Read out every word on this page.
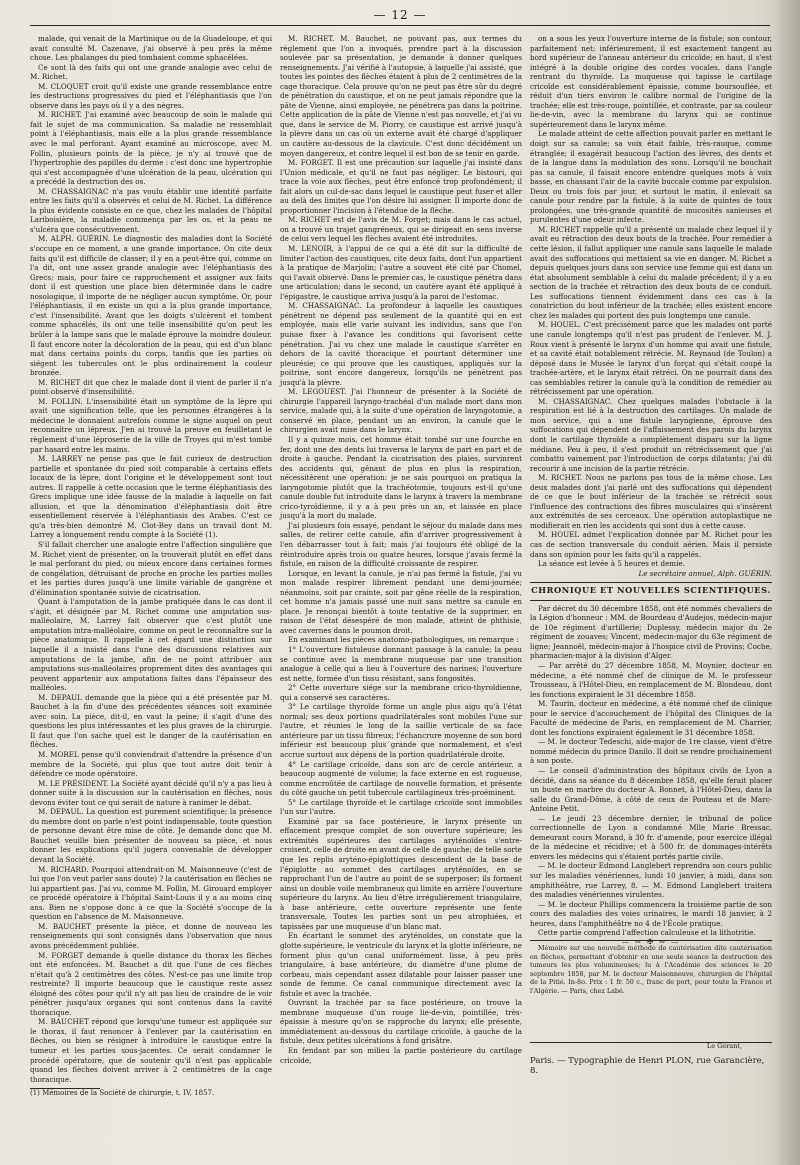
— 12 —

malade, qui venait de la Martinique ou de la Guadeloupe, et qui avait consulté M. Cazenave, j'ai observé à peu près la même chose. Les phalanges du pied tombaient comme sphacélées.

Ce sont là des faits qui ont une grande analogie avec celui de M. Richet.

M. CLOQUET croit qu'il existe une grande ressemblance entre les destructions progressives du pied et l'éléphantiasis que l'on observe dans les pays où il y a des nègres.

M. RICHET. J'ai examiné avec beaucoup de soin le malade qui fait le sujet de ma communication. Sa maladie ne ressemblait point à l'éléphantiasis, mais elle a la plus grande ressemblance avec le mal perforant. Ayant examiné au microscope, avec M. Follin, plusieurs points de la pièce, je n'y ai trouvé que de l'hypertrophie des papilles du derme : c'est donc une hypertrophie qui s'est accompagnée d'une ulcération de la peau, ulcération qui a précédé la destruction des os.

M. CHASSAIGNAC n'a pas voulu établir une identité parfaite entre les faits qu'il a observés et celui de M. Richet. La différence la plus évidente consiste en ce que, chez les malades de l'hôpital Lariboisière, la maladie commença par les os, et la peau ne s'ulcéra que consécutivement.

M. ALPH. GUÉRIN. Le diagnostic des maladies dont la Société s'occupe en ce moment, a une grande importance. On cite deux faits qu'il est difficile de classer; il y en a peut-être qui, comme on l'a dit, ont une assez grande analogie avec l'éléphantiasis des Grecs; mais, pour faire ce rapprochement et assigner aux faits dont il est question une place bien déterminée dans le cadre nosologique, il importe de ne négliger aucun symptôme. Or, pour l'éléphantiasis, il en existe un qui a la plus grande importance, c'est l'insensibilité. Avant que les doigts s'ulcèrent et tombent comme sphacélés, ils ont une telle insensibilité qu'on peut les brûler à la lampe sans que le malade éprouve la moindre douleur. Il faut encore noter la décoloration de la peau, qui est d'un blanc mat dans certains points du corps, tandis que les parties où siégent les tubercules ont le plus ordinairement la couleur bronzée.

M. RICHET dit que chez le malade dont il vient de parler il n'a point observé d'insensibilité.

M. FOLLIN. L'insensibilité était un symptôme de la lèpre qui avait une signification telle, que les personnes étrangères à la médecine le donnaient autrefois comme le signe auquel on peut reconnaître un lépreux. J'en ai trouvé la preuve en feuilletant le règlement d'une léproserie de la ville de Troyes qui m'est tombé par hasard entre les mains.

M. LARREY ne pense pas que le fait curieux de destruction partielle et spontanée du pied soit comparable à certains effets locaux de la lèpre, dont l'origine et le développement sont tout autres. Il rappelle à cette occasion que le terme éléphantiasis des Grecs implique une idée fausse de la maladie à laquelle on fait allusion, et que la dénomination d'éléphantiasis doit être essentiellement réservée à l'éléphantiasis des Arabes. C'est ce qu'a très-bien démontré M. Clot-Bey dans un travail dont M. Larrey a longuement rendu compte à la Société (1).

S'il fallait chercher une analogie entre l'affection singulière que M. Richet vient de présenter, on la trouverait plutôt en effet dans le mal perforant du pied, ou mieux encore dans certaines formes de congélation, détruisant de proche en proche les parties molles et les parties dures jusqu'à une limite variable de gangrène et d'élimination spontanée suivie de cicatrisation.

Quant à l'amputation de la jambe pratiquée dans le cas dont il s'agit, et désignée par M. Richet comme une amputation sus-malléolaire, M. Larrey fait observer que c'est plutôt une amputation intra-malléolaire, comme on peut le reconnaître sur la pièce anatomique. Il rappelle à cet égard une distinction sur laquelle il a insisté dans l'une des discussions relatives aux amputations de la jambe, afin de ne point attribuer aux amputations sus-malléolaires proprement dites des avantages qui peuvent appartenir aux amputations faites dans l'épaisseur des malléoles.

M. DEPAUL demande que la pièce qui a été présentée par M. Bauchet à la fin d'une des précédentes séances soit examinée avec soin. La pièce, dit-il, en vaut la peine; il s'agit d'une des questions les plus intéressantes et les plus graves de la chirurgie. Il faut que l'on sache quel est le danger de la cautérisation en flèches.

M. MOREL pense qu'il conviendrait d'attendre la présence d'un membre de la Société, qui plus que tout autre doit tenir à défendre ce mode opératoire.

M. LE PRÉSIDENT. La Société ayant décidé qu'il n'y a pas lieu à donner suite à la discussion sur la cautérisation en flèches, nous devons éviter tout ce qui serait de nature à ranimer le débat.

M. DEPAUL. La question est purement scientifique; la présence du membre dont on parle n'est point indispensable, toute question de personne devant être mise de côté. Je demande donc que M. Bauchet veuille bien présenter de nouveau sa pièce, et nous donner les explications qu'il jugera convenable de développer devant la Société.

M. RICHARD. Pourquoi attendrait-on M. Maisonneuve (c'est de lui que l'on veut parler sans doute) ? la cautérisation en flèches ne lui appartient pas. J'ai vu, comme M. Follin, M. Girouard employer ce procédé opératoire à l'hôpital Saint-Louis il y a au moins cinq ans. Bien ne s'oppose donc à ce que la Société s'occupe de la question en l'absence de M. Maisonneuve.

M. BAUCHET présente la pièce, et donne de nouveau les renseignements qui sont consignés dans l'observation que nous avons précédemment publiée.

M. FORGET demande à quelle distance du thorax les flèches ont été enfoncées. M. Bauchet a dit que l'une de ces flèches n'était qu'à 2 centimètres des côtes. N'est-ce pas une limite trop restreinte? Il importe beaucoup que le caustique reste assez éloigné des côtes pour qu'il n'y ait pas lieu de craindre de le voir pénétrer jusqu'aux organes qui sont contenus dans la cavité thoracique.

M. BAUCHET répond que lorsqu'une tumeur est appliquée sur le thorax, il faut renoncer à l'enlever par la cautérisation en flèches, ou bien se résigner à introduire le caustique entre la tumeur et les parties sous-jacentes. Ce serait condamner le procédé opératoire, que de soutenir qu'il n'est pas applicable quand les flèches doivent arriver à 2 centimètres de la cage thoracique.

(1) Mémoires de la Société de chirurgie, t. IV, 1857.

M. RICHET. M. Bauchet, ne pouvant pas, aux termes du règlement que l'on a invoqués, prendre part à la discussion soulevée par sa présentation, je demande à donner quelques renseignements. J'ai vérifié à l'autopsie, à laquelle j'ai assisté, que toutes les pointes des flèches étaient à plus de 2 centimètres de la cage thoracique. Cela prouve qu'on ne peut pas être sûr du degré de pénétration du caustique, et on ne peut jamais répondre que la pâte de Vienne, ainsi employée, ne pénétrera pas dans la poitrine. Cette application de la pâte de Vienne n'est pas nouvelle, et j'ai vu que, dans le service de M. Piorry, ce caustique est arrivé jusqu'à la plèvre dans un cas où un externe avait été chargé d'appliquer un cautère au-dessous de la clavicule. C'est donc décidément un moyen dangereux, et contre lequel il est bon de se tenir en garde.

M. FORGET. Il est une précaution sur laquelle j'ai insisté dans l'Union médicale, et qu'il ne faut pas négliger. Le bistouri, qui trace la voie aux flèches, peut être enfoncé trop profondément; il fait alors un cul-de-sac dans lequel le caustique peut fuser et aller au delà des limites que l'on désire lui assigner. Il importe donc de proportionner l'incision à l'étendue de la flèche.

M. RICHET est de l'avis de M. Forget; mais dans le cas actuel, on a trouvé un trajet gangréneux, qui se dirigeait en sens inverse de celui vers lequel les flèches avaient été introduites.

M. LENOIR, à l'appui de ce qui a été dit sur la difficulté de limiter l'action des caustiques, cite deux faits, dont l'un appartient à la pratique de Marjolin; l'autre a souvent été cité par Chomel, qui l'avait observé. Dans le premier cas, le caustique pénétra dans une articulation; dans le second, un cautère ayant été appliqué à l'épigastre, le caustique arriva jusqu'à la paroi de l'estomac.

M. CHASSAIGNAC. La profondeur à laquelle les caustiques pénètrent ne dépend pas seulement de la quantité qui en est employée, mais elle varie suivant les individus, sans que l'on puisse fixer à l'avance les conditions qui favorisent cette pénétration. J'ai vu chez une malade le caustique s'arrêter en dehors de la cavité thoracique et pourtant déterminer une pleurésie; ce qui prouve que les caustiques, appliqués sur la poitrine, sont encore dangereux, lorsqu'ils ne pénètrent pas jusqu'à la plèvre.

M. LEGOUEST. J'ai l'honneur de présenter à la Société de chirurgie l'appareil laryngo-trachéal d'un malade mort dans mon service, malade qui, à la suite d'une opération de laryngotomie, a conservé en place, pendant un an environ, la canule que le chirurgien avait mise dans le larynx.

Il y a quinze mois, cet homme était tombé sur une fourche en fer, dont une des dents lui traversa le larynx de part en part et de droite à gauche. Pendant la cicatrisation des plaies, survinrent des accidents qui, gênant de plus en plus la respiration, nécessitèrent une opération: je ne sais pourquoi on pratiqua la laryngotomie plutôt que la trachéotomie, toujours est-il qu'une canule double fut introduite dans le larynx à travers la membrane crico-tyroïdienne, il y a à peu près un an, et laissée en place jusqu'à la mort du malade.

J'ai plusieurs fois essayé, pendant le séjour du malade dans mes salles, de retirer cette canule, afin d'arriver progressivement à l'en débarrasser tout à fait; mais j'ai toujours été obligé de la réintroduire après trois ou quatre heures, lorsque j'avais fermé la fistule, en raison de la difficulté croissante de respirer.

Lorsque, en levant la canule, je n'ai pas fermé la fistule, j'ai vu mon malade respirer librement pendant une demi-journée; néanmoins, soit par crainte, soit par gêne réelle de la respiration, cet homme n'a jamais passé une nuit sans mettre sa canule en place. Je renonçai bientôt à toute tentative de la supprimer, en raison de l'état désespéré de mon malade, atteint de phthisie, avec cavernes dans le poumon droit.

En examinant les pièces anatomo-pathologiques, on remarque :

1° L'ouverture fistuleuse donnant passage à la canule; la peau se continue avec la membrane muqueuse par une transition analogue à celle qui a lieu à l'ouverture des narines; l'ouverture est nette, formée d'un tissu résistant, sans fongosités.

2° Cette ouverture siége sur la membrane crico-thyroïdienne, qui a conservé ses caractères.

3° Le cartilage thyroïde forme un angle plus aigu qu'à l'état normal; ses deux portions quadrilatérales sont mobiles l'une sur l'autre, et réunies le long de la saillie verticale de sa face antérieure par un tissu fibreux; l'échancrure moyenne de son bord inférieur est beaucoup plus grande que normalement, et s'est accrue surtout aux dépens de la portion quadrilatérale droite.

4° Le cartilage cricoïde, dans son arc de cercle antérieur, a beaucoup augmenté de volume; la face externe en est rugueuse, comme encroûtée de cartilage de nouvelle formation, et présente du côté gauche un petit tubercule cartilagineux très-proéminent.

5° Le cartilage thyroïde et le cartilage cricoïde sont immobiles l'un sur l'autre.

Examiné par sa face postérieure, le larynx présente un effacement presque complet de son ouverture supérieure; les extrémités supérieures des cartilages aryténoïdes s'entre-croisent, celle de droite en avant de celle de gauche; de telle sorte que les replis aryténo-épiglottiques descendent de la base de l'épiglotte au sommet des cartilages aryténoïdes, en se rapprochant l'un de l'autre au point de se superposer; ils forment ainsi un double voile membraneux qui limite en arrière l'ouverture supérieure du larynx. Au lieu d'être irrégulièrement triangulaire, à base antérieure, cette ouverture représente une fente transversale. Toutes les parties sont un peu atrophiées, et tapissées par une muqueuse d'un blanc mat.

En écartant le sommet des aryténoïdes, on constate que la glotte supérieure, le ventricule du larynx et la glotte inférieure, ne forment plus qu'un canal uniformément lisse, à peu près triangulaire, à base antérieure, du diamètre d'une plume de corbeau, mais cependant assez dilatable pour laisser passer une sonde de femme. Ce canal communique directement avec la fistule et avec la trachée.

Ouvrant la trachée par sa face postérieure, on trouve la membrane muqueuse d'un rouge lie-de-vin, pointillée, très-épaissie à mesure qu'on se rapproche du larynx; elle présente, immédiatement au-dessous du cartilage cricoïde, à gauche de la fistule, deux petites ulcérations à fond grisâtre.

En fendant par son milieu la partie postérieure du cartilage cricoïde,

on a sous les yeux l'ouverture interne de la fistule; son contour, parfaitement net; inférieurement, il est exactement tangent au bord supérieur de l'anneau antérieur du cricoïde; en haut, il s'est intégré à la double origine des cordes vocales, dans l'angle rentrant du thyroïde. La muqueuse qui tapisse le cartilage cricoïde est considérablement épaissie, comme boursouflée, et réduit d'un tiers environ le calibre normal de l'origine de la trachée; elle est très-rouge, pointillée, et contraste, par sa couleur lie-de-vin, avec la membrane du larynx qui se continue supérieurement dans le larynx même.

Le malade atteint de cette affection pouvait parler en mettant le doigt sur sa canule; sa voix était faible, très-rauque, comme étranglée; il exagérait beaucoup l'action des lèvres, des dents et de la langue dans la modulation des sons. Lorsqu'il ne bouchait pas sa canule, il faisait encore entendre quelques mots à voix basse, en chassant l'air de la cavité buccale comme par expulsion. Deux ou trois fois par jour, et surtout le matin, il enlevait sa canule pour rendre par la fistule, à la suite de quintes de toux prolongées, une très-grande quantité de mucosités sanieuses et purulentes d'une odeur infecte.

M. RICHET rappelle qu'il a présenté un malade chez lequel il y avait eu rétraction des deux bouts de la trachée. Pour remédier à cette lésion, il fallut appliquer une canule sans laquelle le malade avait des suffocations qui mettaient sa vie en danger. M. Richet a depuis quelques jours dans son service une femme qui est dans un état absolument semblable à celui du malade précédent; il y a eu section de la trachée et rétraction des deux bouts de ce conduit. Les suffocations tiennent évidemment dans ces cas à la constriction du bout inférieur de la trachée; elles existent encore chez les malades qui portent des puis longtemps une canule.

M. HOUEL. C'est précisément parce que les malades ont porté une canule longtemps qu'il n'est pas prudent de l'enlever. M. J. Roux vient à présenté le larynx d'un homme qui avait une fistule, et sa cavité était notablement rétrécie. M. Reynaud (de Toulon) a déposé dans le Musée le larynx d'un forçat qui s'était coupé la trachée-artère, et le larynx était rétréci. On ne pourrait dans des cas semblables retirer la canule qu'à la condition de remédier au rétrécissement par une opération.

M. CHASSAIGNAC. Chez quelques malades l'obstacle à la respiration est lié à la destruction des cartilages. Un malade de mon service, qui a une fistule laryngienne, éprouve des suffocations qui dépendent de l'affaissement des parois du larynx dont le cartilage thyroïde a complètement disparu sur la ligne médiane. Peu à peu, il s'est produit un rétrécissement que j'ai combattu vainement par l'introduction de corps dilatants; j'ai dû recourir à une incision de la partie rétrécie.

M. RICHET. Nous ne parlons pas tous de la même chose. Les deux malades dont j'ai parlé ont des suffocations qui dépendent de ce que le bout inférieur de la trachée se rétrécit sous l'influence des contractions des fibres musculaires qui s'insèrent aux extrémités de ses cerceaux. Une opération autoplastique ne modifierait en rien les accidents qui sont dus à cette cause.

M. HOUEL admet l'explication donnée par M. Richet pour les cas de section transversale du conduit aérien. Mais il persiste dans son opinion pour les faits qu'il a rappelés.

La séance est levée à 5 heures et demie.

Le secrétaire annuel, Alph. GUÉRIN.

CHRONIQUE ET NOUVELLES SCIENTIFIQUES.

Par décret du 30 décembre 1858, ont été nommés chevaliers de la Légion d'honneur : MM. de Bourdeau d'Audejos, médecin-major de 10e régiment d'artillerie; Duplessy, médecin major du 2e régiment de zouaves; Vincent, médecin-major du 63e régiment de ligne; Jeannoël, médecin-major à l'hospice civil de Provins; Coche, pharmacien-major à la division d'Alger.

— Par arrêté du 27 décembre 1858, M. Moynier, docteur en médecine, a été nommé chef de clinique de M. le professeur Trousseau, à l'Hôtel-Dieu, en remplacement de M. Blondeau, dont les fonctions expiraient le 31 décembre 1858.

M. Taurin, docteur en médecine, a été nommé chef de clinique pour le service d'accouchement de l'hôpital des Cliniques de la Faculté de médecine de Paris, en remplacement de M. Charrier, dont les fonctions expiraient également le 31 décembre 1858.

— M. le docteur Tedeschi, aide-major de 1re classe, vient d'être nommé médecin du prince Danilo. Il doit se rendre prochainement à son poste.

— Le conseil d'administration des hôpitaux civils de Lyon a décidé, dans sa séance du 8 décembre 1858, qu'elle ferait placer un buste en marbre du docteur A. Bonnet, à l'Hôtel-Dieu, dans la salle du Grand-Dôme, à côté de ceux de Pouteau et de Marc-Antoine Petit.

— Le jeudi 23 décembre dernier, le tribunal de police correctionnelle de Lyon a condamné Mlle Marie Bressac, demeurant cours Morand, à 30 fr. d'amende, pour exercice illégal de la médecine et récidive; et à 500 fr. de dommages-intérêts envers les médecins qui s'étaient portés partie civile.

— M. le docteur Edmond Langlebert reprendra son cours public sur les maladies vénériennes, lundi 10 janvier, à midi, dans son amphithéâtre, rue Larrey, 8. — M. Edmond Langlebert traitera des maladies vénériennes virulentes.

— M. le docteur Phillips commencera la troisième partie de son cours des maladies des voies urinaires, le mardi 18 janvier, à 2 heures, dans l'amphithéâtre no 4 de l'École pratique.

Cette partie comprend l'affection calculeuse et la lithotritie.

— ∾ ✠ ∾ —

Mémoire sur une nouvelle méthode de cautérisation dite cautérisation en flèches, permettant d'obtenir en une seule séance la destruction des tumeurs les plus volumineuses; lu à l'Académie des sciences le 20 septembre 1858, par M. le docteur Maisonneuve, chirurgien de l'hôpital de la Pitié. In-8o. Prix : 1 fr. 50 c., franc de port, pour toute la France et l'Algérie. — Paris, chez Labé.

Le Gérant,
Paris. — Typographie de Henri PLON, rue Garancière, 8.
